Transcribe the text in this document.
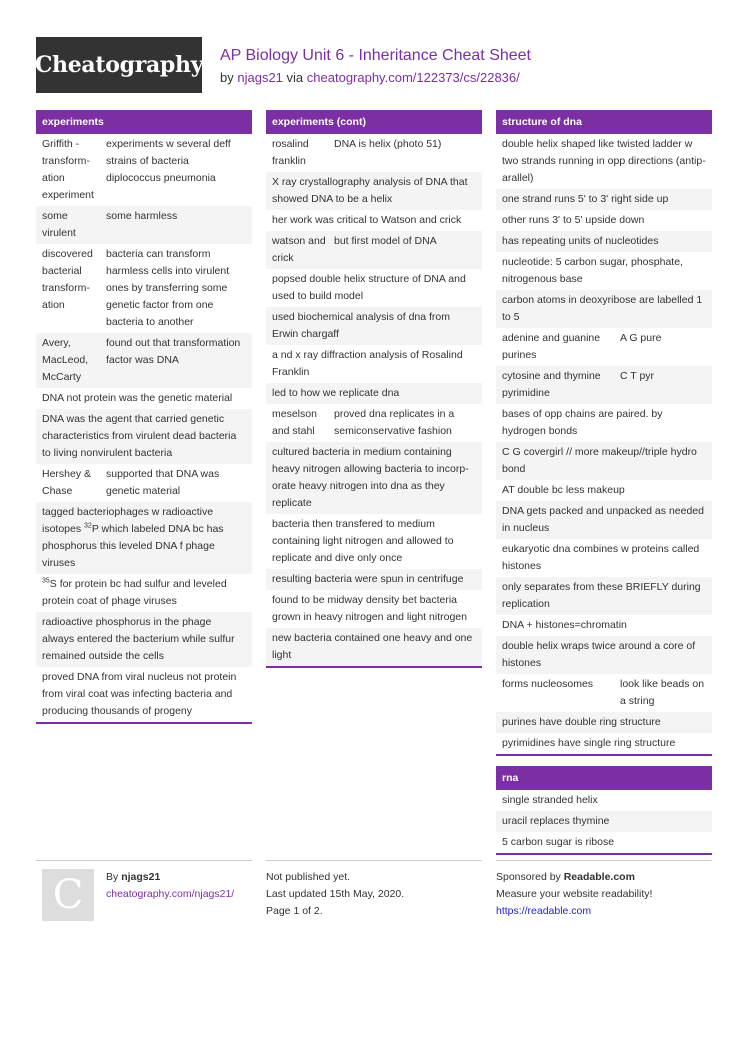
Cheatography AP Biology Unit 6 - Inheritance Cheat Sheet
by njags21 via cheatography.com/122373/cs/22836/
experiments
Griffith - transform-ation experiment
experiments w several deff strains of bacteria diplococcus pneumonia
some virulent
some harmless
discovered bacterial transform-ation
bacteria can transform harmless cells into virulent ones by transferring some genetic factor from one bacteria to another
Avery, MacLeod, McCarty
found out that transformation factor was DNA
DNA not protein was the genetic material
DNA was the agent that carried genetic characteristics from virulent dead bacteria to living nonvirulent bacteria
Hershey & Chase
supported that DNA was genetic material
tagged bacteriophages w radioactive isotopes $^{32}$P which labeled DNA bc has phosphorus this leveled DNA f phage viruses
$^{35}$S for protein bc had sulfur and leveled protein coat of phage viruses
radioactive phosphorus in the phage always entered the bacterium while sulfur remained outside the cells
proved DNA from viral nucleus not protein from viral coat was infecting bacteria and producing thousands of progeny
experiments (cont)
rosalind franklin
DNA is helix (photo 51)
X ray crystallography analysis of DNA that showed DNA to be a helix
her work was critical to Watson and crick
watson and crick
but first model of DNA
popsed double helix structure of DNA and used to build model
used biochemical analysis of dna from Erwin chargaff
a nd x ray diffraction analysis of Rosalind Franklin
led to how we replicate dna
meselson and stahl
proved dna replicates in a semiconservative fashion
cultured bacteria in medium containing heavy nitrogen allowing bacteria to incorp-orate heavy nitrogen into dna as they replicate
bacteria then transfered to medium containing light nitrogen and allowed to replicate and dive only once
resulting bacteria were spun in centrifuge
found to be midway density bet bacteria grown in heavy nitrogen and light nitrogen
new bacteria contained one heavy and one light
structure of dna
double helix shaped like twisted ladder w two strands running in opp directions (antip-arallel)
one strand runs 5' to 3' right side up
other runs 3' to 5' upside down
has repeating units of nucleotides
nucleotide: 5 carbon sugar, phosphate, nitrogenous base
carbon atoms in deoxyribose are labelled 1 to 5
adenine and guanine purines
A G pure
cytosine and thymine pyrimidine
C T pyr
bases of opp chains are paired. by hydrogen bonds
C G covergirl // more makeup//triple hydro bond
AT double bc less makeup
DNA gets packed and unpacked as needed in nucleus
eukaryotic dna combines w proteins called histones
only separates from these BRIEFLY during replication
DNA + histones=chromatin
double helix wraps twice around a core of histones
forms nucleosomes	look like beads on a string
purines have double ring structure
pyrimidines have single ring structure
rna
single stranded helix
uracil replaces thymine
5 carbon sugar is ribose
C	By njags21
cheatography.com/njags21/
Not published yet.
Last updated 15th May, 2020.
Page 1 of 2.
Sponsored by Readable.com
Measure your website readability!
https://readable.com
